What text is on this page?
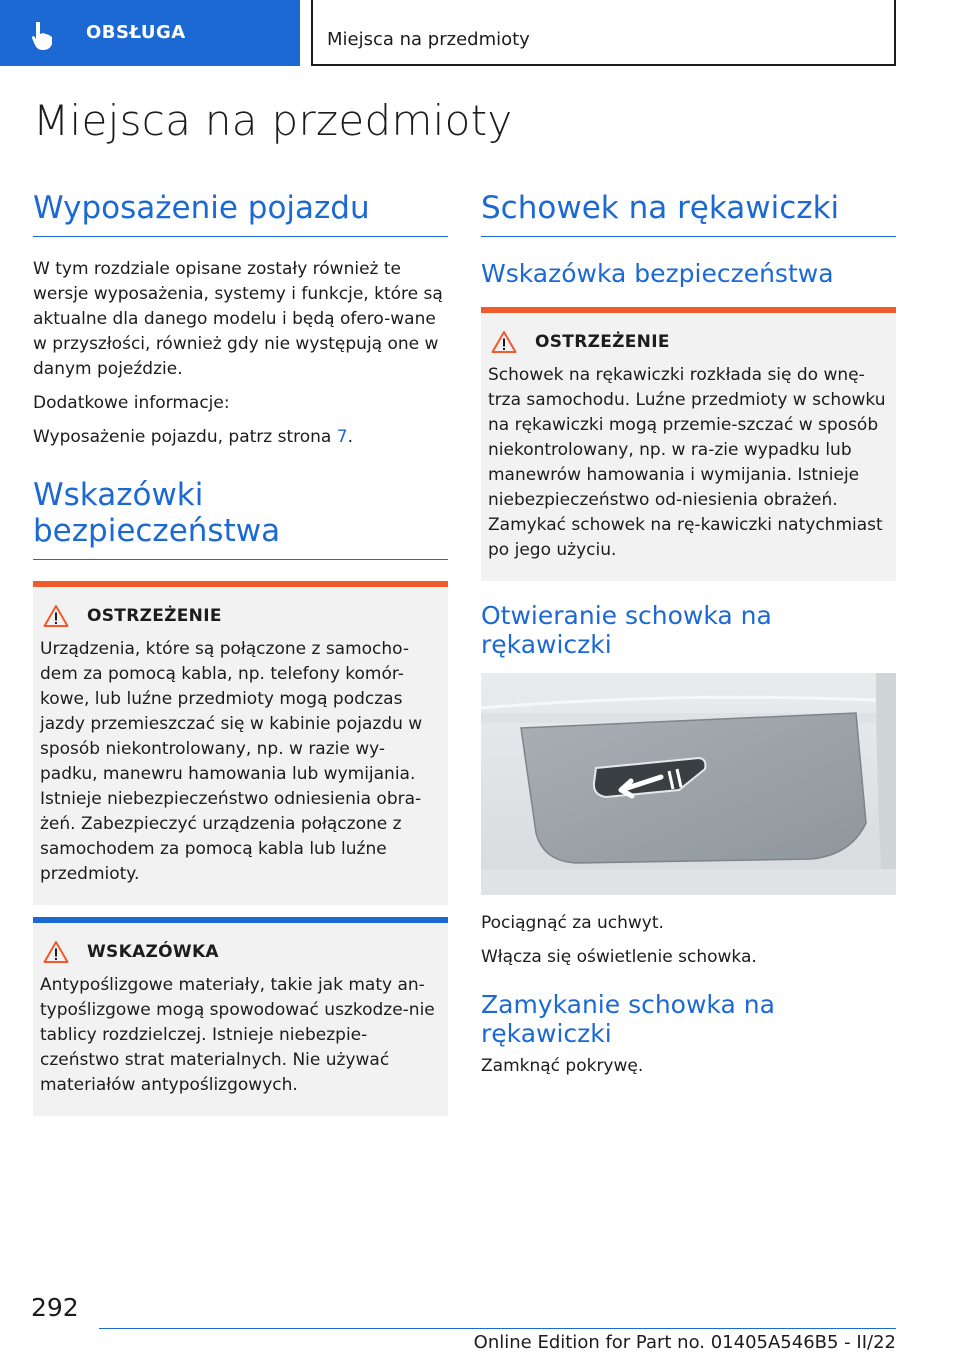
OBSŁUGA	Miejsca na przedmioty
Miejsca na przedmioty
Wyposażenie pojazdu

W tym rozdziale opisane zostały również te wersje wyposażenia, systemy i funkcje, które są aktualne dla danego modelu i będą ofero-wane w przyszłości, również gdy nie występują one w danym pojeździe.

Dodatkowe informacje:

Wyposażenie pojazdu, patrz strona 7.

Wskazówki bezpieczeństwa
OSTRZEŻENIE

Urządzenia, które są połączone z samocho-dem za pomocą kabla, np. telefony komór-kowe, lub luźne przedmioty mogą podczas jazdy przemieszczać się w kabinie pojazdu w sposób niekontrolowany, np. w razie wy-padku, manewru hamowania lub wymijania. Istnieje niebezpieczeństwo odniesienia obra-żeń. Zabezpieczyć urządzenia połączone z samochodem za pomocą kabla lub luźne przedmioty.

WSKAZÓWKA

Antypoślizgowe materiały, takie jak maty an-typoślizgowe mogą spowodować uszkodze-nie tablicy rozdzielczej. Istnieje niebezpie-czeństwo strat materialnych. Nie używać materiałów antypoślizgowych.

Schowek na rękawiczki
Wskazówka bezpieczeństwa
OSTRZEŻENIE

Schowek na rękawiczki rozkłada się do wnę-trza samochodu. Luźne przedmioty w schowku na rękawiczki mogą przemie-szczać w sposób niekontrolowany, np. w ra-zie wypadku lub manewrów hamowania i wymijania. Istnieje niebezpieczeństwo od-niesienia obrażeń. Zamykać schowek na rę-kawiczki natychmiast po jego użyciu.

Otwieranie schowka na rękawiczki

Pociągnąć za uchwyt.

Włącza się oświetlenie schowka.

Zamykanie schowka na rękawiczki

Zamknąć pokrywę.

292
Online Edition for Part no. 01405A546B5 - II/22
